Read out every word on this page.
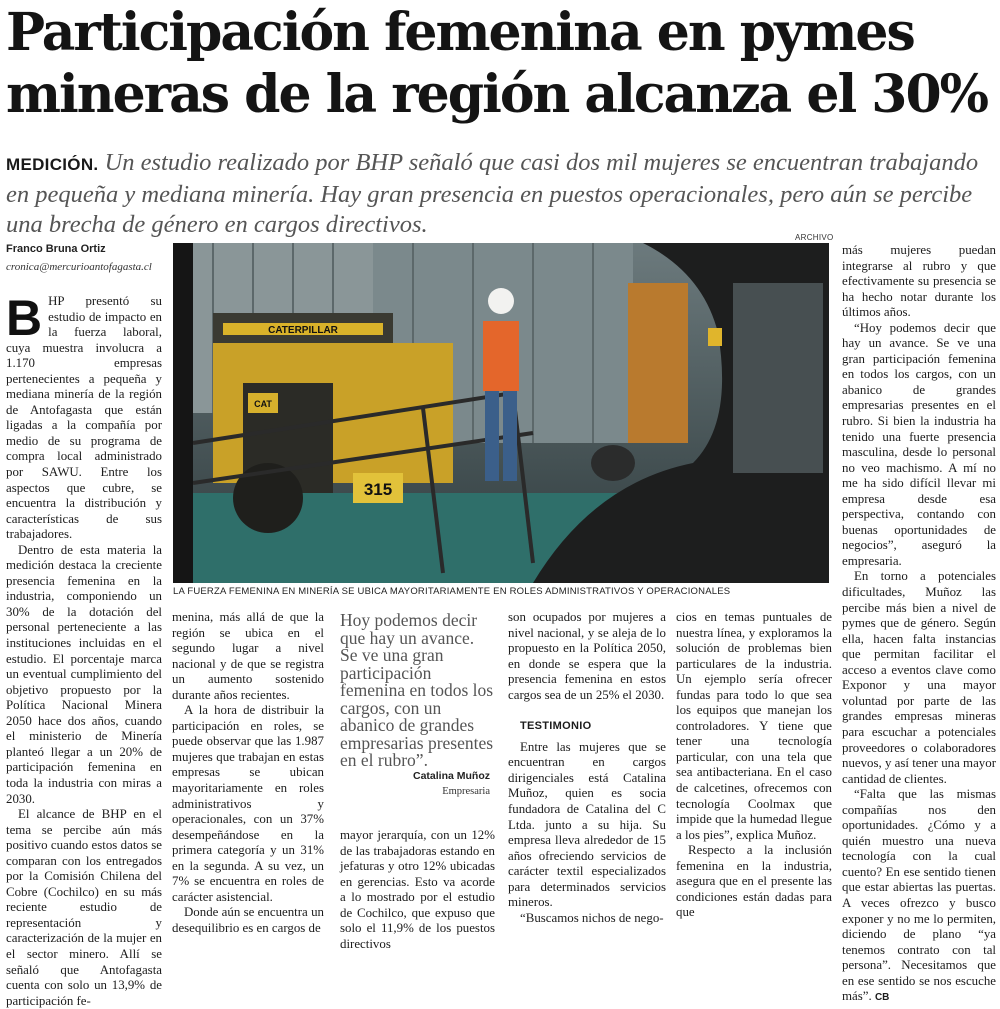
Participación femenina en pymes mineras de la región alcanza el 30%
MEDICIÓN. Un estudio realizado por BHP señaló que casi dos mil mujeres se encuentran trabajando en pequeña y mediana minería. Hay gran presencia en puestos operacionales, pero aún se percibe una brecha de género en cargos directivos.
Franco Bruna Ortiz
cronica@mercurioantofagasta.cl

BHP presentó su estudio de impacto en la fuerza laboral, cuya muestra involucra a 1.170 empresas pertenecientes a pequeña y mediana minería de la región de Antofagasta que están ligadas a la compañía por medio de su programa de compra local administrado por SAWU. Entre los aspectos que cubre, se encuentra la distribución y características de sus trabajadores.

Dentro de esta materia la medición destaca la creciente presencia femenina en la industria, componiendo un 30% de la dotación del personal perteneciente a las instituciones incluidas en el estudio. El porcentaje marca un eventual cumplimiento del objetivo propuesto por la Política Nacional Minera 2050 hace dos años, cuando el ministerio de Minería planteó llegar a un 20% de participación femenina en toda la industria con miras a 2030.

El alcance de BHP en el tema se percibe aún más positivo cuando estos datos se comparan con los entregados por la Comisión Chilena del Cobre (Cochilco) en su más reciente estudio de representación y caracterización de la mujer en el sector minero. Allí se señaló que Antofagasta cuenta con solo un 13,9% de participación fe-

ARCHIVO
CATERPILLAR
CAT
315
LA FUERZA FEMENINA EN MINERÍA SE UBICA MAYORITARIAMENTE EN ROLES ADMINISTRATIVOS Y OPERACIONALES

menina, más allá de que la región se ubica en el segundo lugar a nivel nacional y de que se registra un aumento sostenido durante años recientes.

A la hora de distribuir la participación en roles, se puede observar que las 1.987 mujeres que trabajan en estas empresas se ubican mayoritariamente en roles administrativos y operacionales, con un 37% desempeñándose en la primera categoría y un 31% en la segunda. A su vez, un 7% se encuentra en roles de carácter asistencial.

Donde aún se encuentra un desequilibrio es en cargos de

Hoy podemos decir que hay un avance. Se ve una gran participación femenina en todos los cargos, con un abanico de grandes empresarias presentes en el rubro”.
Catalina Muñoz
Empresaria

mayor jerarquía, con un 12% de las trabajadoras estando en jefaturas y otro 12% ubicadas en gerencias. Esto va acorde a lo mostrado por el estudio de Cochilco, que expuso que solo el 11,9% de los puestos directivos

son ocupados por mujeres a nivel nacional, y se aleja de lo propuesto en la Política 2050, en donde se espera que la presencia femenina en estos cargos sea de un 25% el 2030.

TESTIMONIO

Entre las mujeres que se encuentran en cargos dirigenciales está Catalina Muñoz, quien es socia fundadora de Catalina del C Ltda. junto a su hija. Su empresa lleva alrededor de 15 años ofreciendo servicios de carácter textil especializados para determinados servicios mineros.

“Buscamos nichos de nego-

cios en temas puntuales de nuestra línea, y exploramos la solución de problemas bien particulares de la industria. Un ejemplo sería ofrecer fundas para todo lo que sea los equipos que manejan los controladores. Y tiene que tener una tecnología particular, con una tela que sea antibacteriana. En el caso de calcetines, ofrecemos con tecnología Coolmax que impide que la humedad llegue a los pies”, explica Muñoz.

Respecto a la inclusión femenina en la industria, asegura que en el presente las condiciones están dadas para que

más mujeres puedan integrarse al rubro y que efectivamente su presencia se ha hecho notar durante los últimos años.

“Hoy podemos decir que hay un avance. Se ve una gran participación femenina en todos los cargos, con un abanico de grandes empresarias presentes en el rubro. Si bien la industria ha tenido una fuerte presencia masculina, desde lo personal no veo machismo. A mí no me ha sido difícil llevar mi empresa desde esa perspectiva, contando con buenas oportunidades de negocios”, aseguró la empresaria.

En torno a potenciales dificultades, Muñoz las percibe más bien a nivel de pymes que de género. Según ella, hacen falta instancias que permitan facilitar el acceso a eventos clave como Exponor y una mayor voluntad por parte de las grandes empresas mineras para escuchar a potenciales proveedores o colaboradores nuevos, y así tener una mayor cantidad de clientes.

“Falta que las mismas compañías nos den oportunidades. ¿Cómo y a quién muestro una nueva tecnología con la cual cuento? En ese sentido tienen que estar abiertas las puertas. A veces ofrezco y busco exponer y no me lo permiten, diciendo de plano “ya tenemos contrato con tal persona”. Necesitamos que en ese sentido se nos escuche más”. CB
